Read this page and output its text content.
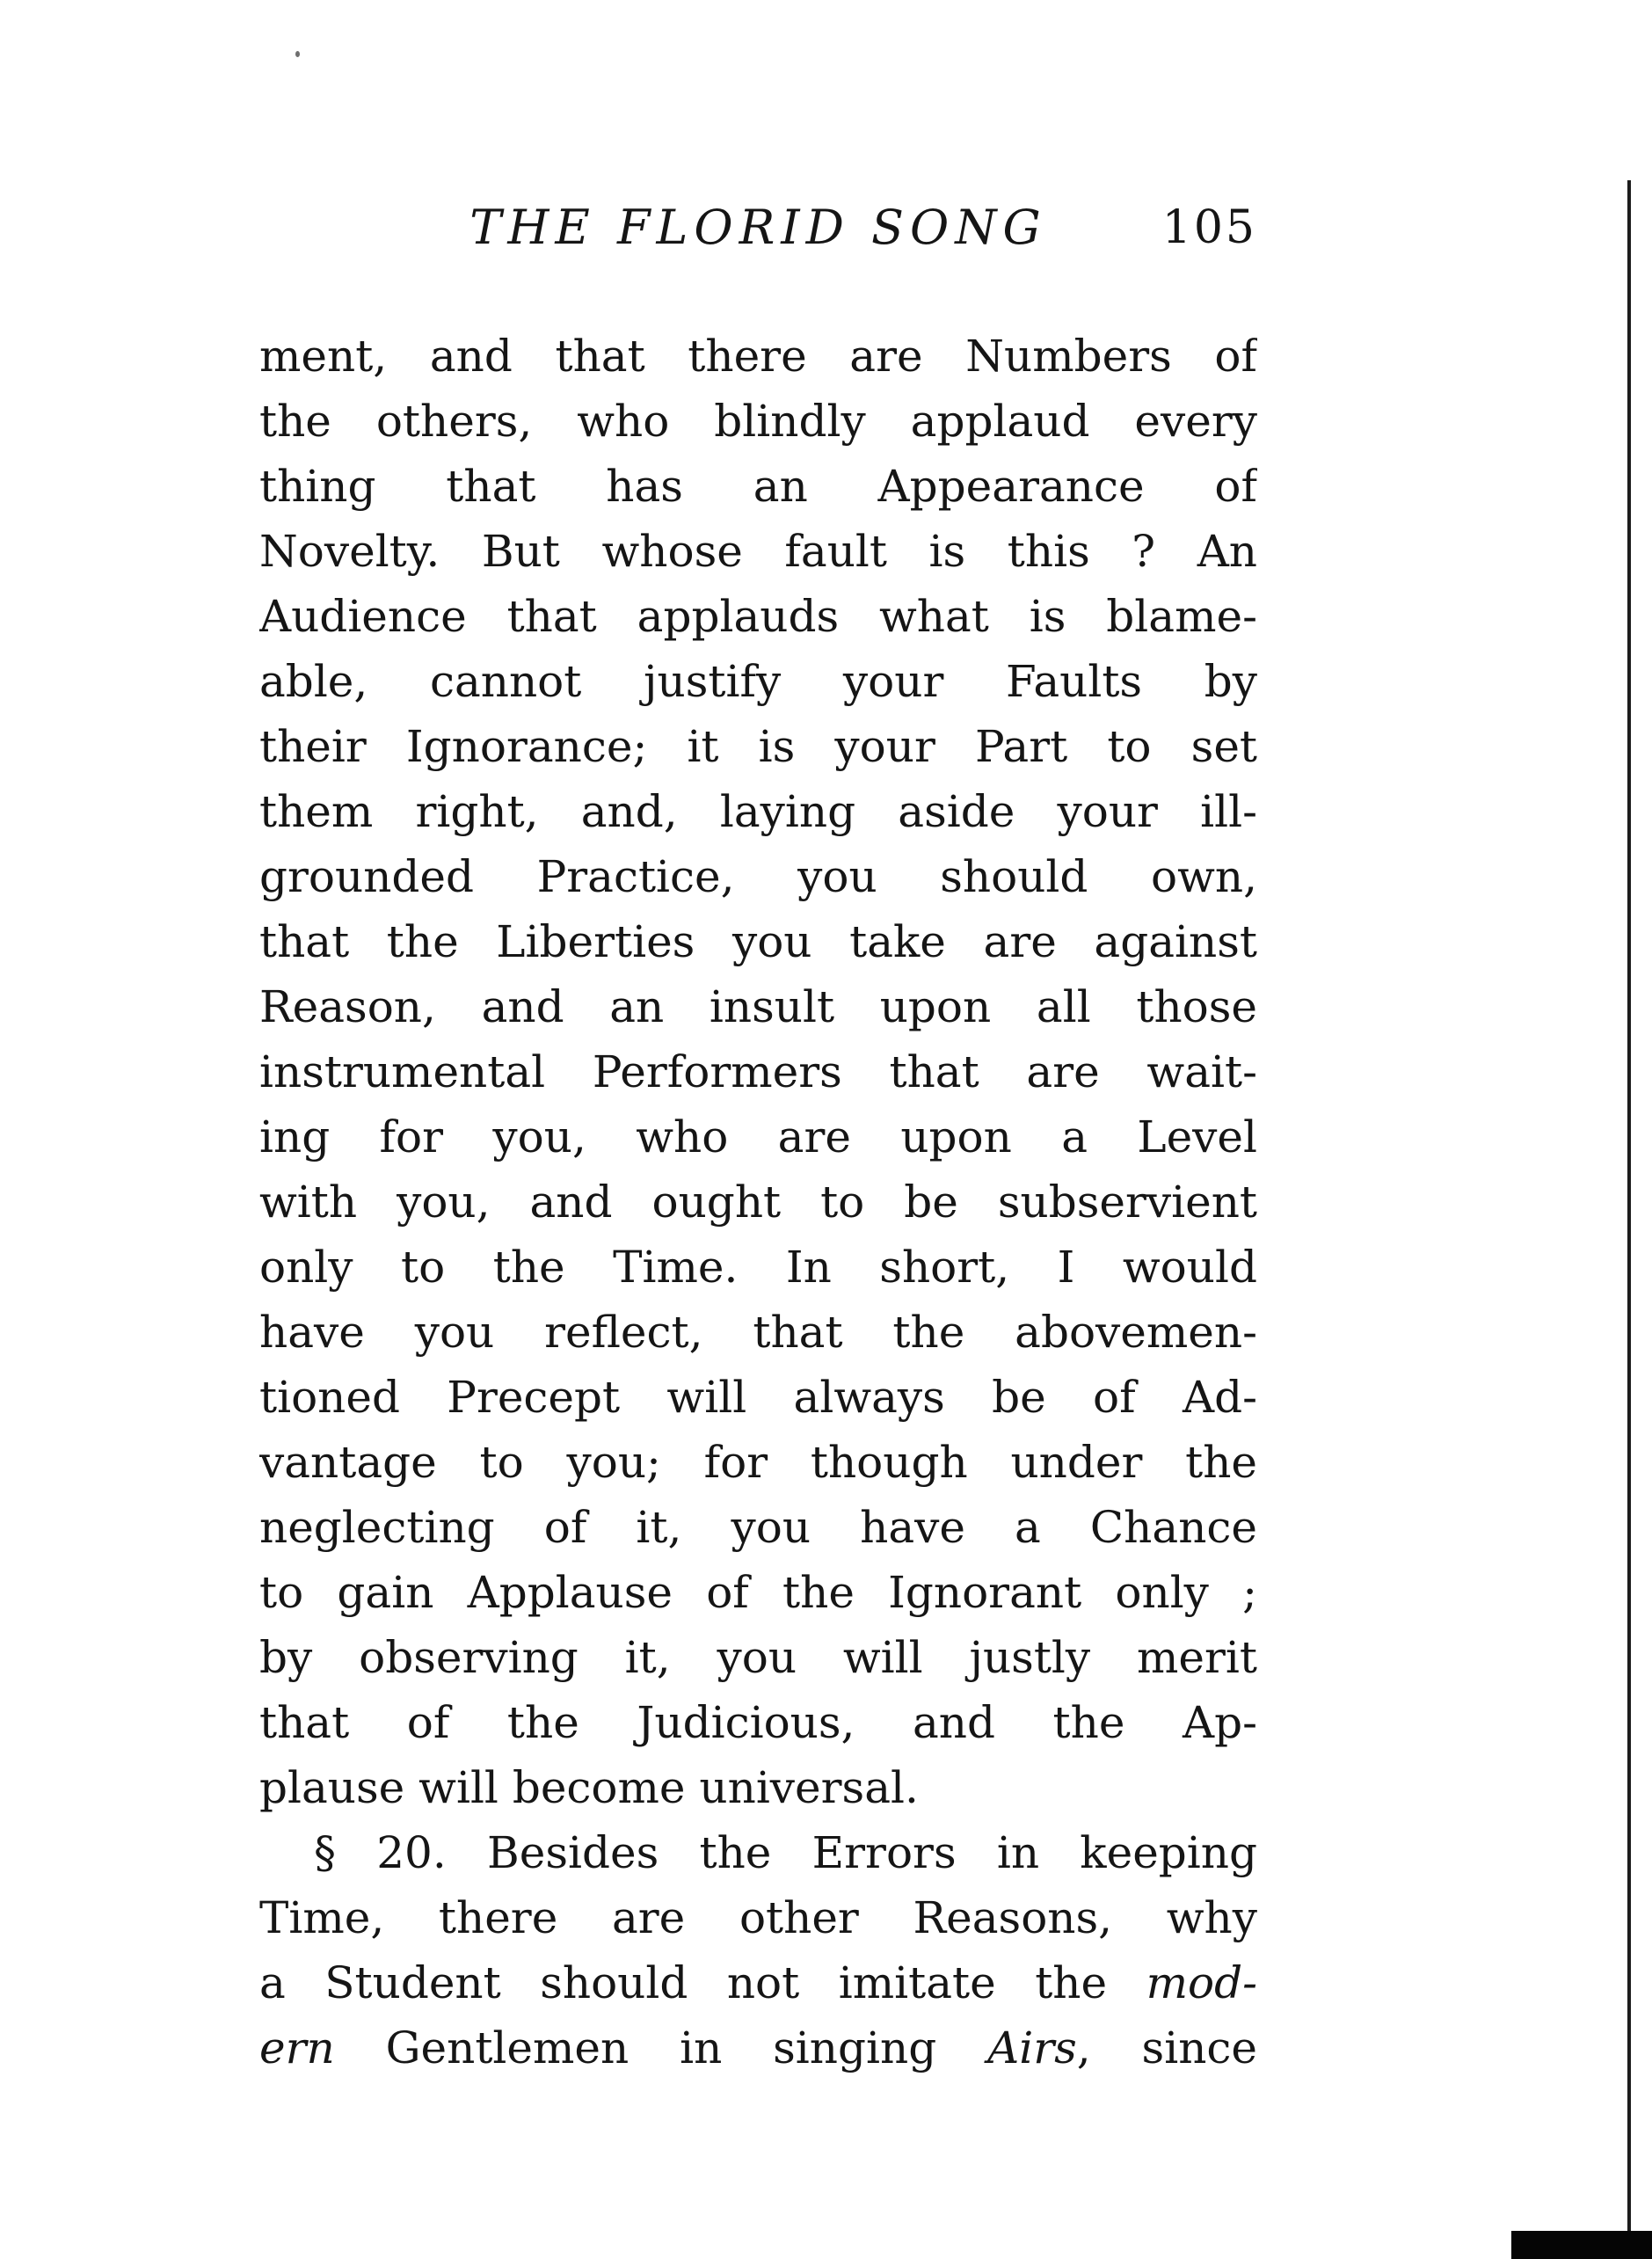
THE FLORID SONG	105
ment, and that there are Numbers of
the others, who blindly applaud every
thing that has an Appearance of
Novelty. But whose fault is this ? An
Audience that applauds what is blame-
able, cannot justify your Faults by
their Ignorance; it is your Part to set
them right, and, laying aside your ill-
grounded Practice, you should own,
that the Liberties you take are against
Reason, and an insult upon all those
instrumental Performers that are wait-
ing for you, who are upon a Level
with you, and ought to be subservient
only to the Time. In short, I would
have you reflect, that the abovemen-
tioned Precept will always be of Ad-
vantage to you; for though under the
neglecting of it, you have a Chance
to gain Applause of the Ignorant only ;
by observing it, you will justly merit
that of the Judicious, and the Ap-
plause will become universal.
§ 20. Besides the Errors in keeping
Time, there are other Reasons, why
a Student should not imitate the mod-
ern Gentlemen in singing Airs, since
